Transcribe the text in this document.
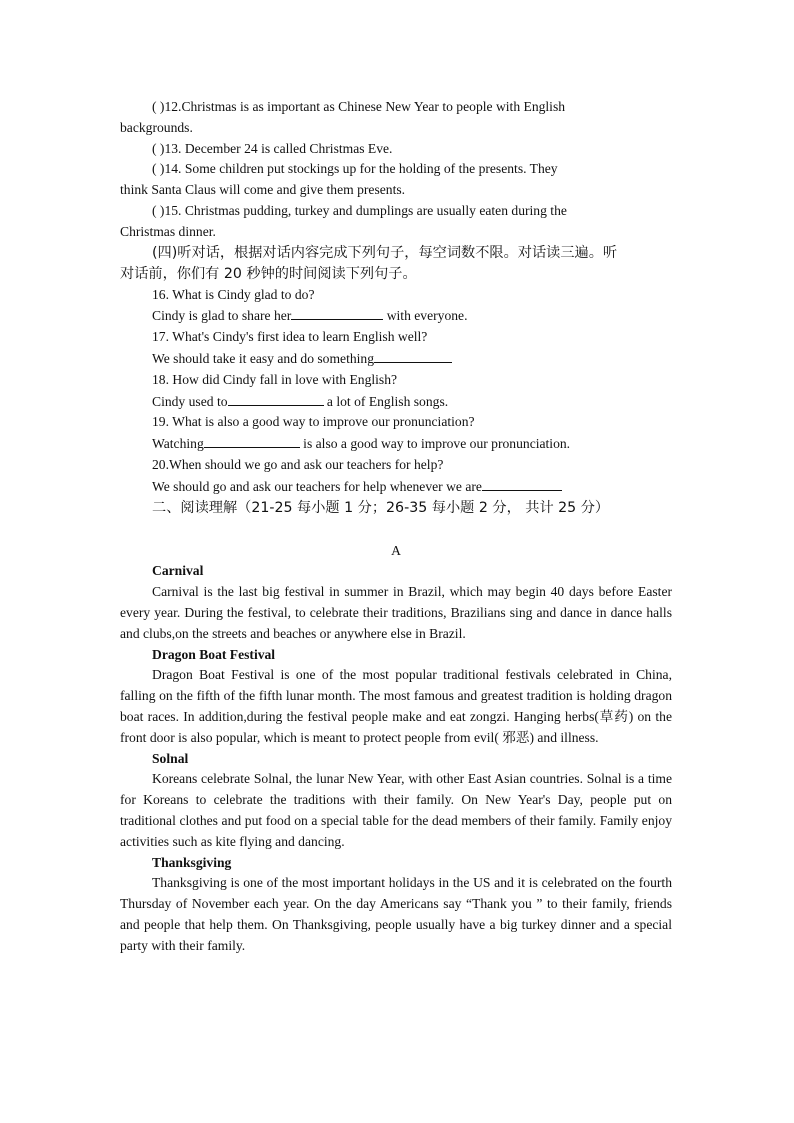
( )12.Christmas is as important as Chinese New Year to people with English
backgrounds.

( )13. December 24 is called Christmas Eve.

( )14. Some children put stockings up for the holding of the presents. They
think Santa Claus will come and give them presents.

( )15. Christmas pudding, turkey and dumplings are usually eaten during the
Christmas dinner.

(四)听对话，根据对话内容完成下列句子，每空词数不限。对话读三遍。听
对话前，你们有 20 秒钟的时间阅读下列句子。

16. What is Cindy glad to do?

Cindy is glad to share her	with everyone.

17. What's Cindy's first idea to learn English well?

We should take it easy and do something

18. How did Cindy fall in love with English?

Cindy used to	a lot of English songs.

19. What is also a good way to improve our pronunciation?

Watching	is also a good way to improve our pronunciation.

20.When should we go and ask our teachers for help?

We should go and ask our teachers for help whenever we are

二、阅读理解（21-25 每小题 1 分；26-35 每小题 2 分， 共计 25 分）

A

Carnival

Carnival is the last big festival in summer in Brazil, which may begin 40 days before Easter every year. During the festival, to celebrate their traditions, Brazilians sing and dance in dance halls and clubs,on the streets and beaches or anywhere else in Brazil.

Dragon Boat Festival

Dragon Boat Festival is one of the most popular traditional festivals celebrated in China, falling on the fifth of the fifth lunar month. The most famous and greatest tradition is holding dragon boat races. In addition,during the festival people make and eat zongzi. Hanging herbs(草药) on the front door is also popular, which is meant to protect people from evil( 邪恶) and illness.

Solnal

Koreans celebrate Solnal, the lunar New Year, with other East Asian countries. Solnal is a time for Koreans to celebrate the traditions with their family. On New Year's Day, people put on traditional clothes and put food on a special table for the dead members of their family. Family enjoy activities such as kite flying and dancing.

Thanksgiving

Thanksgiving is one of the most important holidays in the US and it is celebrated on the fourth Thursday of November each year. On the day Americans say “Thank you ” to their family, friends and people that help them. On Thanksgiving, people usually have a big turkey dinner and a special party with their family.
